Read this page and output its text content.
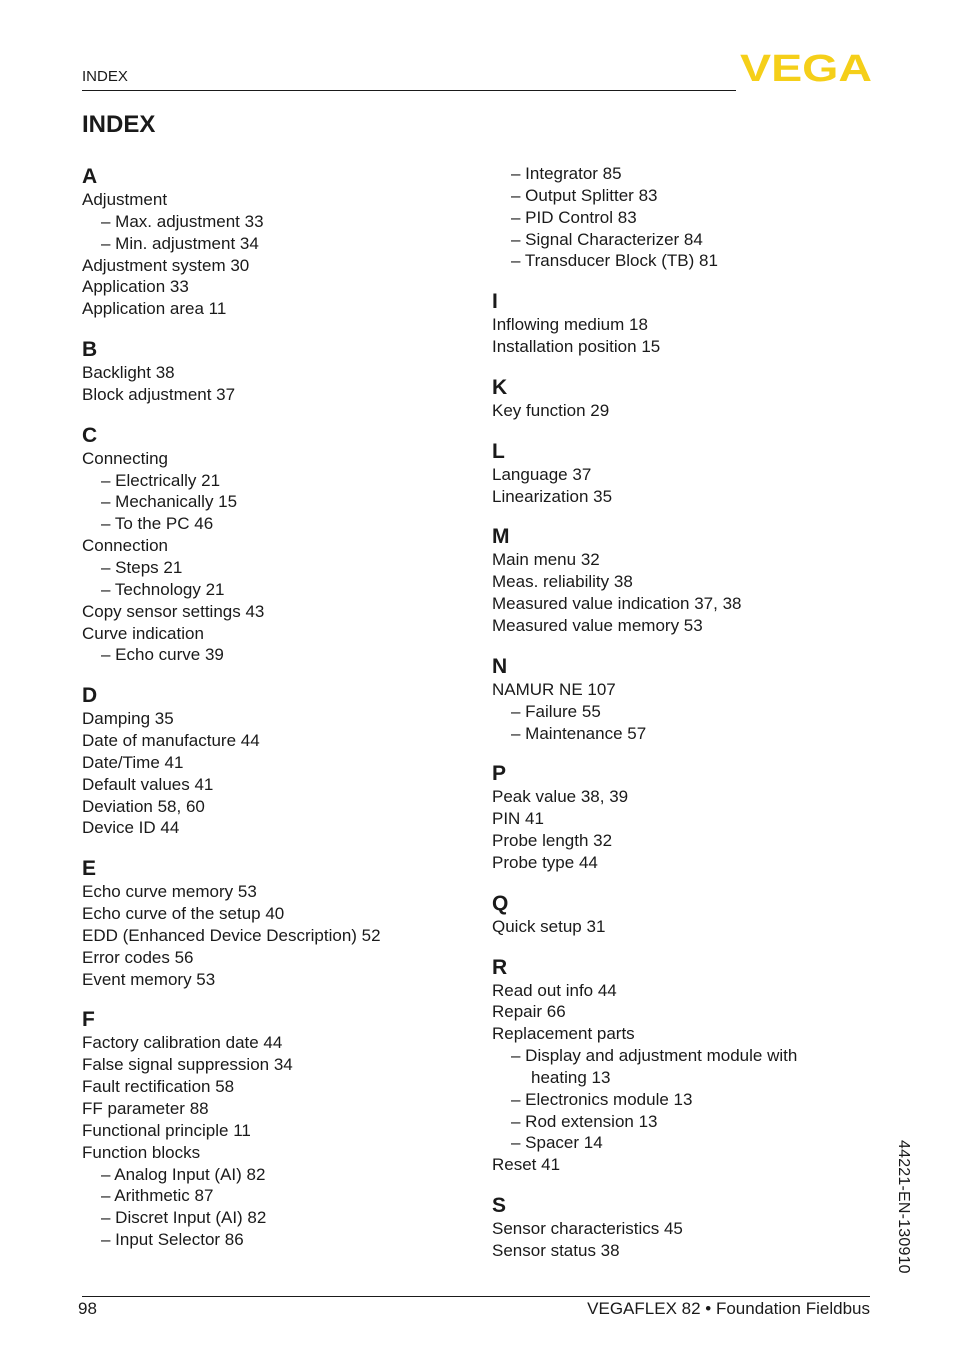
INDEX	VEGA
INDEX
A
Adjustment
– Max. adjustment 33
– Min. adjustment 34
Adjustment system 30
Application 33
Application area 11
B
Backlight 38
Block adjustment 37
C
Connecting
– Electrically 21
– Mechanically 15
– To the PC 46
Connection
– Steps 21
– Technology 21
Copy sensor settings 43
Curve indication
– Echo curve 39
D
Damping 35
Date of manufacture 44
Date/Time 41
Default values 41
Deviation 58, 60
Device ID 44
E
Echo curve memory 53
Echo curve of the setup 40
EDD (Enhanced Device Description) 52
Error codes 56
Event memory 53
F
Factory calibration date 44
False signal suppression 34
Fault rectification 58
FF parameter 88
Functional principle 11
Function blocks
– Analog Input (AI) 82
– Arithmetic 87
– Discret Input (AI) 82
– Input Selector 86
– Integrator 85
– Output Splitter 83
– PID Control 83
– Signal Characterizer 84
– Transducer Block (TB) 81
I
Inflowing medium 18
Installation position 15
K
Key function 29
L
Language 37
Linearization 35
M
Main menu 32
Meas. reliability 38
Measured value indication 37, 38
Measured value memory 53
N
NAMUR NE 107
– Failure 55
– Maintenance 57
P
Peak value 38, 39
PIN 41
Probe length 32
Probe type 44
Q
Quick setup 31
R
Read out info 44
Repair 66
Replacement parts
– Display and adjustment module with
heating 13
– Electronics module 13
– Rod extension 13
– Spacer 14
Reset 41
S
Sensor characteristics 45
Sensor status 38
98	VEGAFLEX 82 • Foundation Fieldbus
44221-EN-130910
